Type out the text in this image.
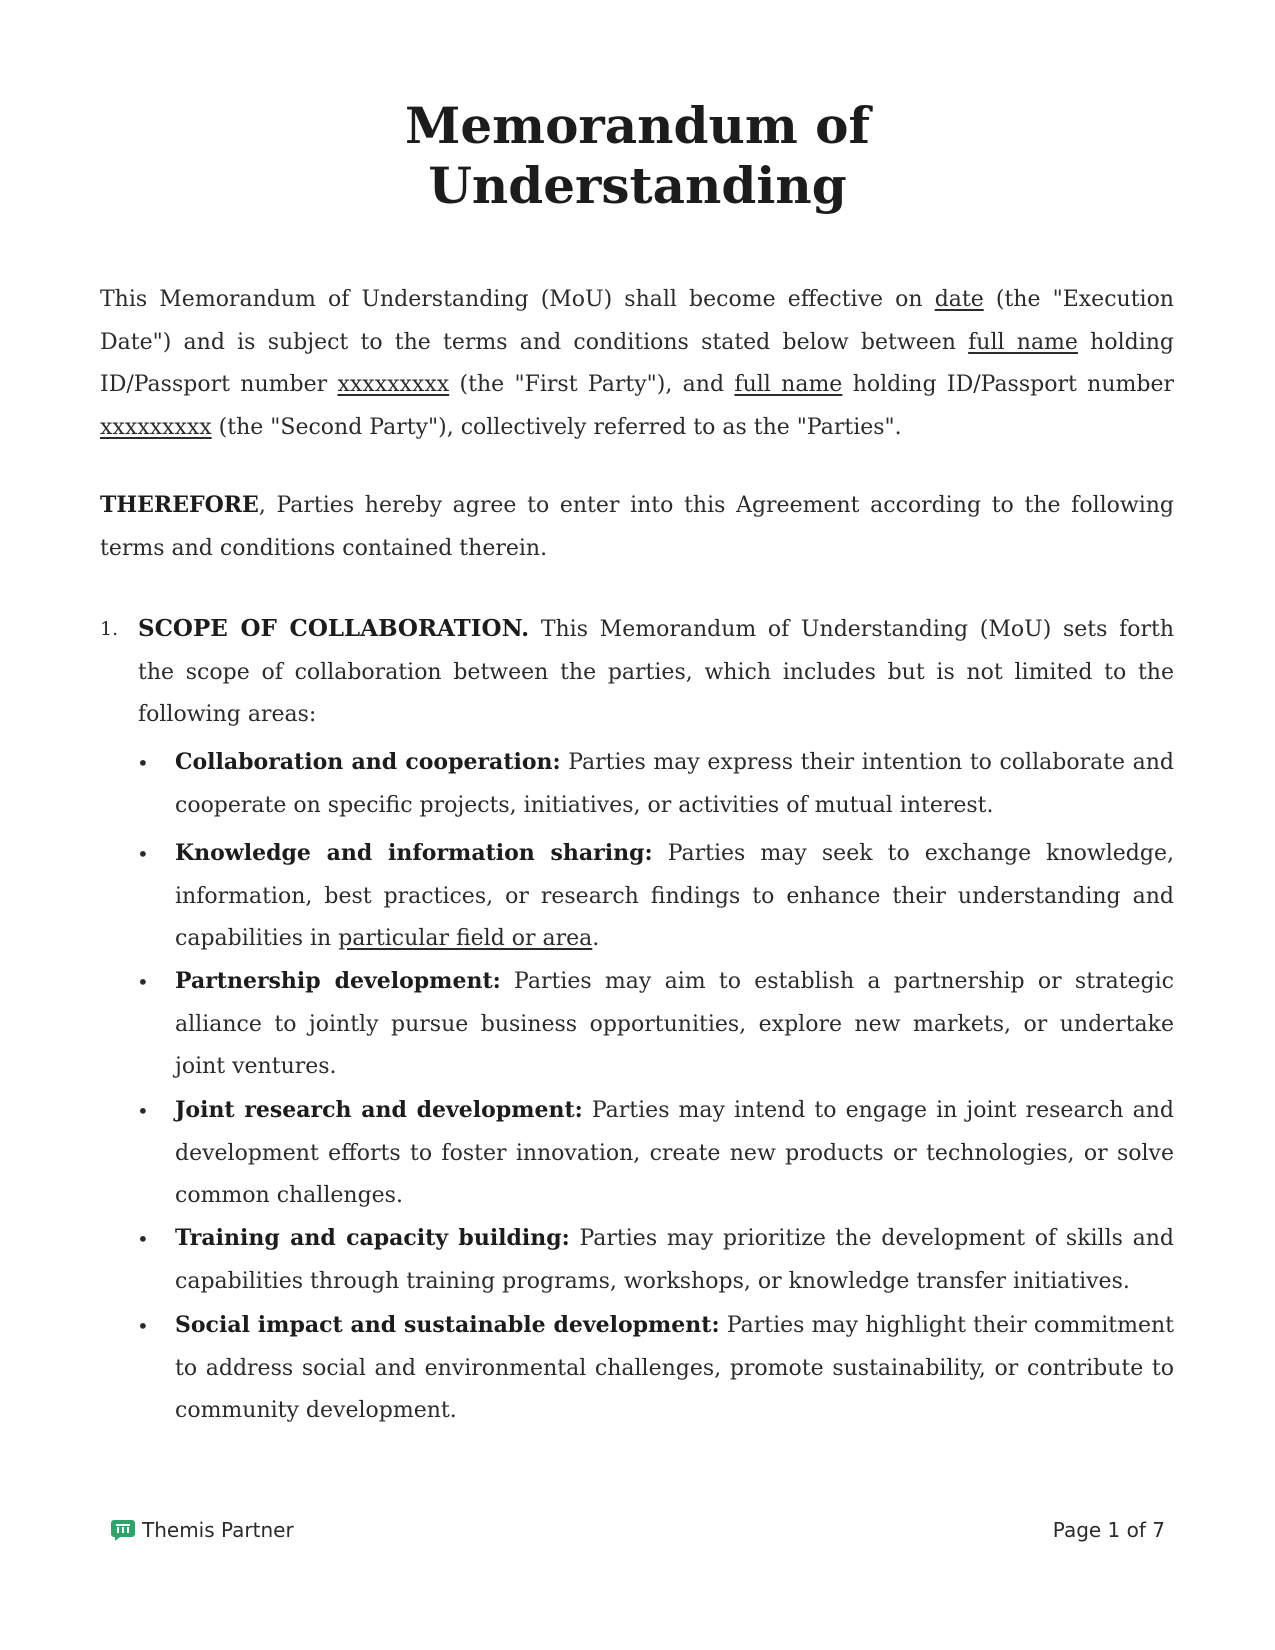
Memorandum of
Understanding

This Memorandum of Understanding (MoU) shall become effective on date (the "Execution Date") and is subject to the terms and conditions stated below between full name holding ID/Passport number xxxxxxxxx (the "First Party"), and full name holding ID/Passport number xxxxxxxxx (the "Second Party"), collectively referred to as the "Parties".

THEREFORE, Parties hereby agree to enter into this Agreement according to the following terms and conditions contained therein.

1. SCOPE OF COLLABORATION. This Memorandum of Understanding (MoU) sets forth the scope of collaboration between the parties, which includes but is not limited to the following areas:
• Collaboration and cooperation: Parties may express their intention to collaborate and cooperate on specific projects, initiatives, or activities of mutual interest.
• Knowledge and information sharing: Parties may seek to exchange knowledge, information, best practices, or research findings to enhance their understanding and capabilities in particular field or area.
• Partnership development: Parties may aim to establish a partnership or strategic alliance to jointly pursue business opportunities, explore new markets, or undertake joint ventures.
• Joint research and development: Parties may intend to engage in joint research and development efforts to foster innovation, create new products or technologies, or solve common challenges.
• Training and capacity building: Parties may prioritize the development of skills and capabilities through training programs, workshops, or knowledge transfer initiatives.
• Social impact and sustainable development: Parties may highlight their commitment to address social and environmental challenges, promote sustainability, or contribute to community development.
Themis Partner	Page 1 of 7
